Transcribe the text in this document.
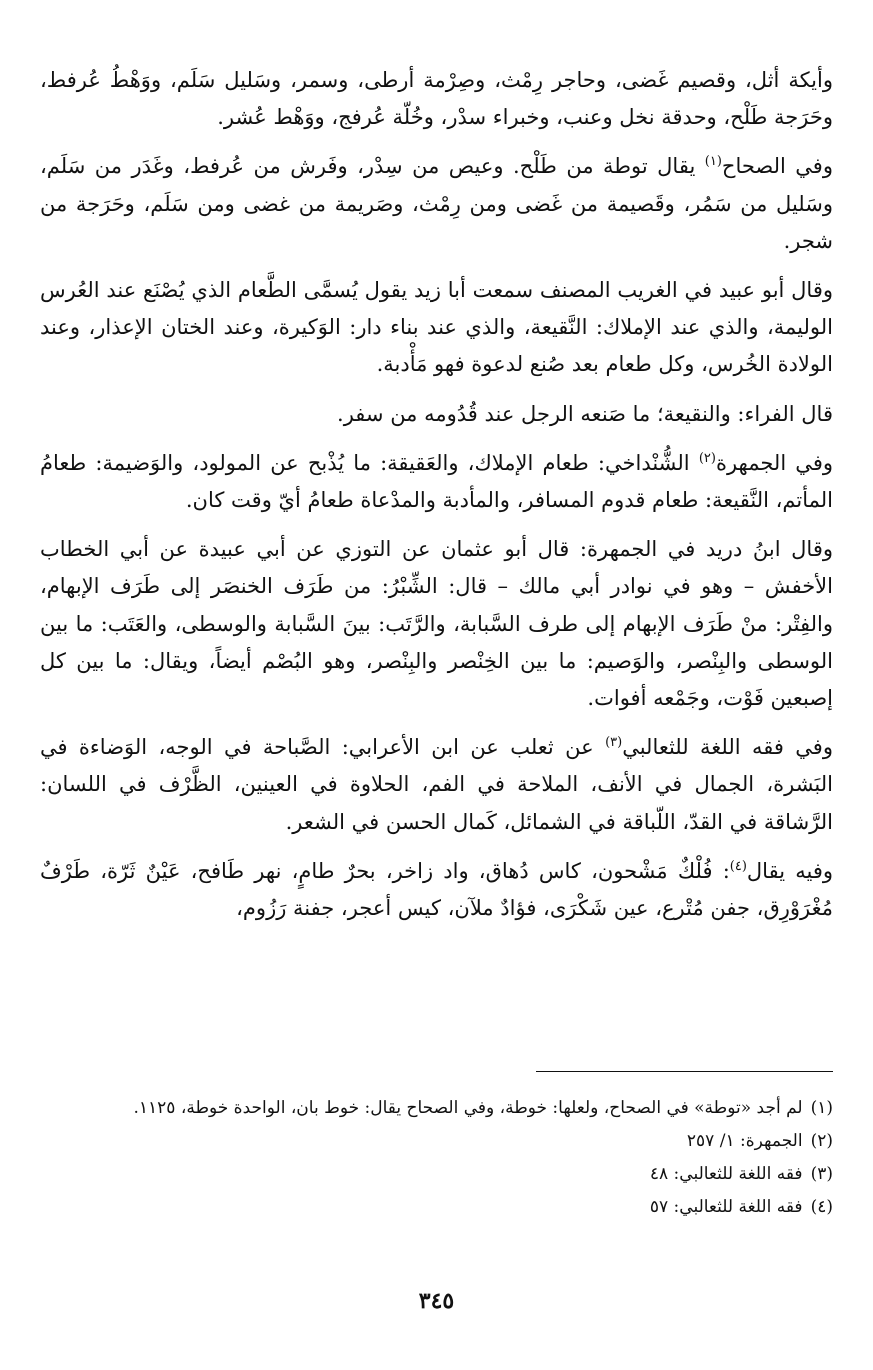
وأيكة أثل، وقصيم غَضى، وحاجر رِمْث، وصِرْمة أرطى، وسمر، وسَليل سَلَم، ووَهْطُ عُرفط، وحَرَجة طَلْح، وحدقة نخل وعنب، وخبراء سدْر، وخُلّة عُرفج، ووَهْط عُشر.

وفي الصحاح$^{(١)}$ يقال توطة من طَلْح. وعيص من سِدْر، وفَرش من عُرفط، وغَدَر من سَلَم، وسَليل من سَمُر، وقَصيمة من غَضى ومن رِمْث، وصَريمة من غضى ومن سَلَم، وحَرَجة من شجر.

وقال أبو عبيد في الغريب المصنف سمعت أبا زيد يقول يُسمَّى الطَّعام الذي يُصْنَع عند العُرس الوليمة، والذي عند الإملاك: النَّقيعة، والذي عند بناء دار: الوَكيرة، وعند الختان الإعذار، وعند الولادة الخُرس، وكل طعام بعد صُنع لدعوة فهو مَأْدبة.

قال الفراء: والنقيعة؛ ما صَنعه الرجل عند قُدُومه من سفر.

وفي الجمهرة$^{(٢)}$ الشُّنْداخي: طعام الإملاك، والعَقيقة: ما يُذْبح عن المولود، والوَضيمة: طعامُ المأتم، النَّقيعة: طعام قدوم المسافر، والمأدبة والمدْعاة طعامُ أيّ وقت كان.

وقال ابنُ دريد في الجمهرة: قال أبو عثمان عن التوزي عن أبي عبيدة عن أبي الخطاب الأخفش – وهو في نوادر أبي مالك – قال: الشِّبْرُ: من طَرَف الخنصَر إلى طَرَف الإبهام، والفِتْر: منْ طَرَف الإبهام إلى طرف السَّبابة، والرَّتَب: بينَ السَّبابة والوسطى، والعَتَب: ما بين الوسطى والبِنْصر، والوَصيم: ما بين الخِنْصر والبِنْصر، وهو البُصْم أيضاً، ويقال: ما بين كل إصبعين فَوْت، وجَمْعه أفوات.

وفي فقه اللغة للثعالبي$^{(٣)}$ عن ثعلب عن ابن الأعرابي: الصَّباحة في الوجه، الوَضاءة في البَشرة، الجمال في الأنف، الملاحة في الفم، الحلاوة في العينين، الظَّرْف في اللسان: الرَّشاقة في القدّ، اللّباقة في الشمائل، كَمال الحسن في الشعر.

وفيه يقال$^{(٤)}$: فُلْكٌ مَشْحون، كاس دُهاق، واد زاخر، بحرٌ طامٍ، نهر طَافح، عَيْنٌ ثَرّة، طَرْفٌ مُغْرَوْرِق، جفن مُتْرع، عين شَكْرَى، فؤادٌ ملآن، كيس أعجر، جفنة رَزُوم،

(١)لم أجد «توطة» في الصحاح، ولعلها: خوطة، وفي الصحاح يقال: خوط بان، الواحدة خوطة، ١١٢٥.

(٢)الجمهرة: ١/ ٢٥٧

(٣)فقه اللغة للثعالبي: ٤٨

(٤)فقه اللغة للثعالبي: ٥٧

٣٤٥
